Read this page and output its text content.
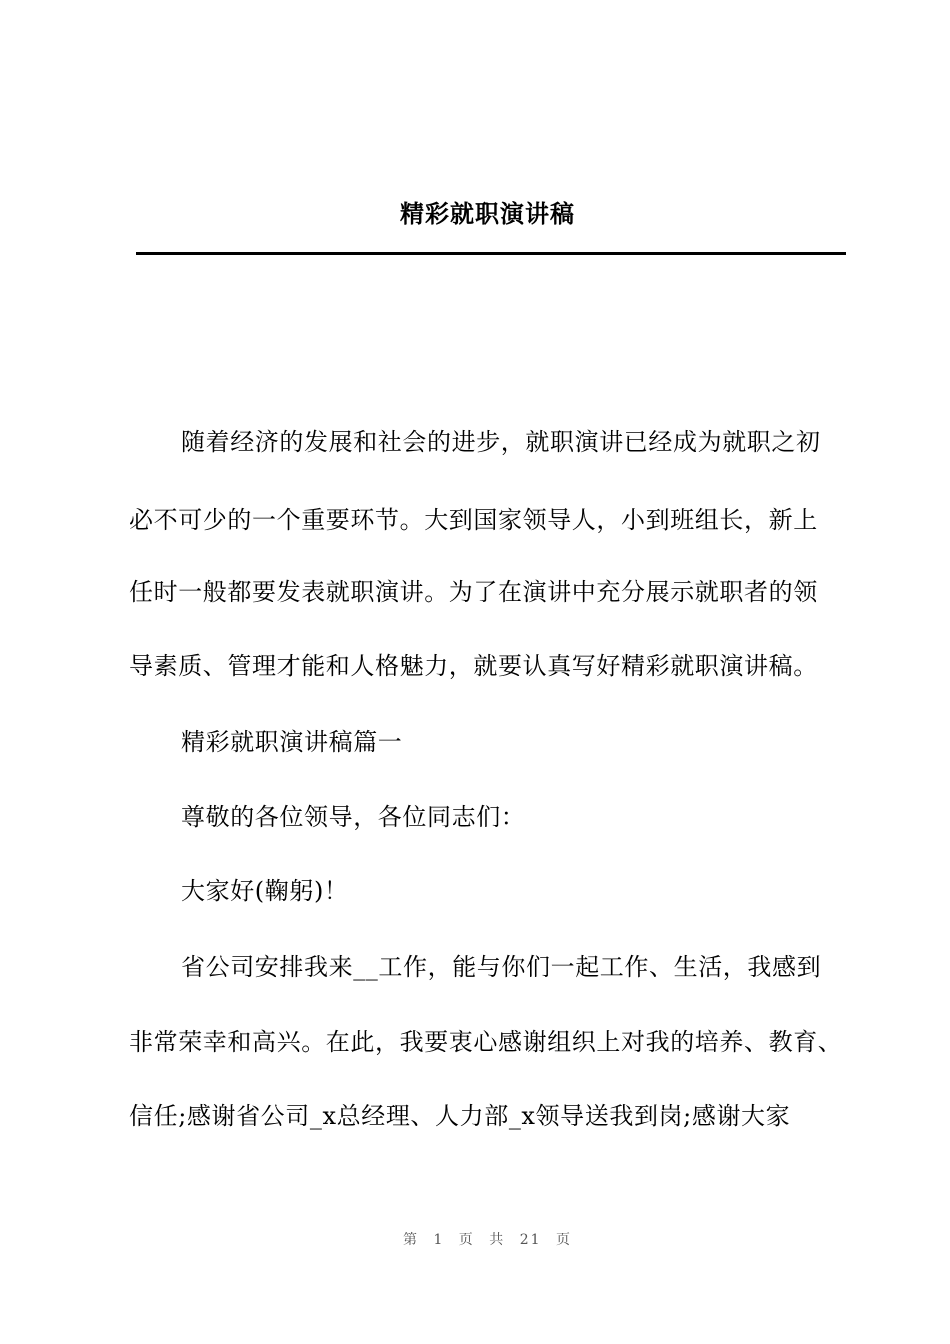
精彩就职演讲稿

随着经济的发展和社会的进步，就职演讲已经成为就职之初

必不可少的一个重要环节。大到国家领导人，小到班组长，新上

任时一般都要发表就职演讲。为了在演讲中充分展示就职者的领

导素质、管理才能和人格魅力，就要认真写好精彩就职演讲稿。

精彩就职演讲稿篇一

尊敬的各位领导，各位同志们：

大家好(鞠躬)！

省公司安排我来__工作，能与你们一起工作、生活，我感到

非常荣幸和高兴。在此，我要衷心感谢组织上对我的培养、教育、

信任;感谢省公司_x总经理、人力部_x领导送我到岗;感谢大家

第 1 页 共 21 页
